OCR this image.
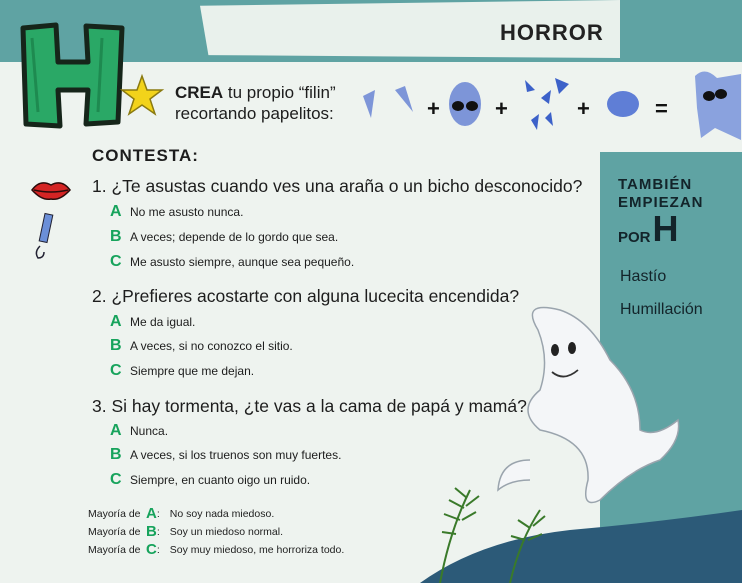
HORROR
CREA tu propio “filin”
recortando papelitos:	+	+	+	=
CONTESTA:
1. ¿Te asustas cuando ves una araña o un bicho desconocido?
A No me asusto nunca.
B A veces; depende de lo gordo que sea.
C Me asusto siempre, aunque sea pequeño.
2. ¿Prefieres acostarte con alguna lucecita encendida?
A Me da igual.
B A veces, si no conozco el sitio.
C Siempre que me dejan.
3. Si hay tormenta, ¿te vas a la cama de papá y mamá?
A Nunca.
B A veces, si los truenos son muy fuertes.
C Siempre, en cuanto oigo un ruido.
TAMBIÉN
EMPIEZAN
POR H
Hastío
Humillación
Mayoría de A : No soy nada miedoso.
Mayoría de B : Soy un miedoso normal.
Mayoría de C : Soy muy miedoso, me horroriza todo.
